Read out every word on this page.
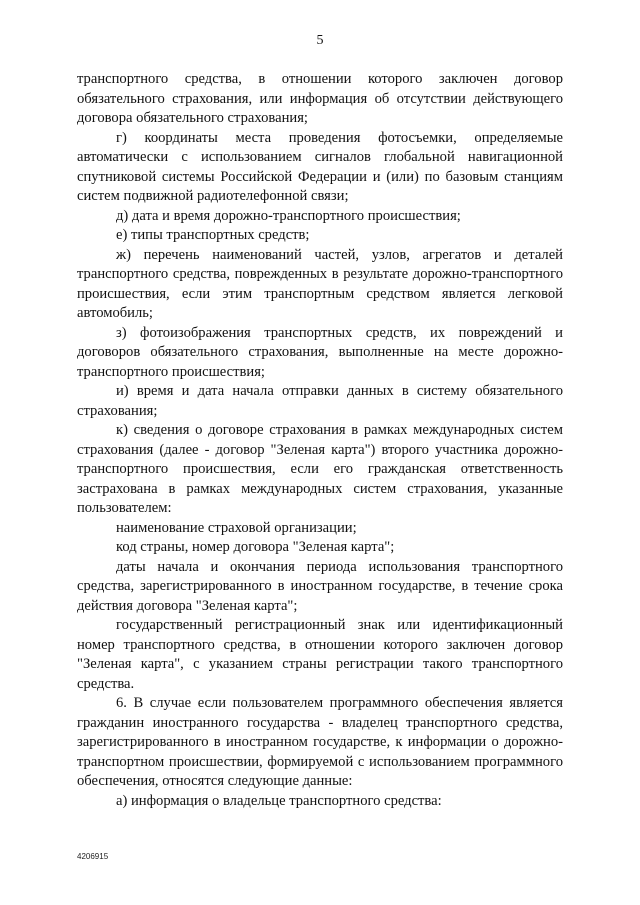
5

транспортного средства, в отношении которого заключен договор обязательного страхования, или информация об отсутствии действующего договора обязательного страхования;

г) координаты места проведения фотосъемки, определяемые автоматически с использованием сигналов глобальной навигационной спутниковой системы Российской Федерации и (или) по базовым станциям систем подвижной радиотелефонной связи;

д) дата и время дорожно-транспортного происшествия;

е) типы транспортных средств;

ж) перечень наименований частей, узлов, агрегатов и деталей транспортного средства, поврежденных в результате дорожно-транспортного происшествия, если этим транспортным средством является легковой автомобиль;

з) фотоизображения транспортных средств, их повреждений и договоров обязательного страхования, выполненные на месте дорожно-транспортного происшествия;

и) время и дата начала отправки данных в систему обязательного страхования;

к) сведения о договоре страхования в рамках международных систем страхования (далее - договор "Зеленая карта") второго участника дорожно-транспортного происшествия, если его гражданская ответственность застрахована в рамках международных систем страхования, указанные пользователем:

наименование страховой организации;

код страны, номер договора "Зеленая карта";

даты начала и окончания периода использования транспортного средства, зарегистрированного в иностранном государстве, в течение срока действия договора "Зеленая карта";

государственный регистрационный знак или идентификационный номер транспортного средства, в отношении которого заключен договор "Зеленая карта", с указанием страны регистрации такого транспортного средства.

6. В случае если пользователем программного обеспечения является гражданин иностранного государства - владелец транспортного средства, зарегистрированного в иностранном государстве, к информации о дорожно-транспортном происшествии, формируемой с использованием программного обеспечения, относятся следующие данные:

а) информация о владельце транспортного средства:

4206915
